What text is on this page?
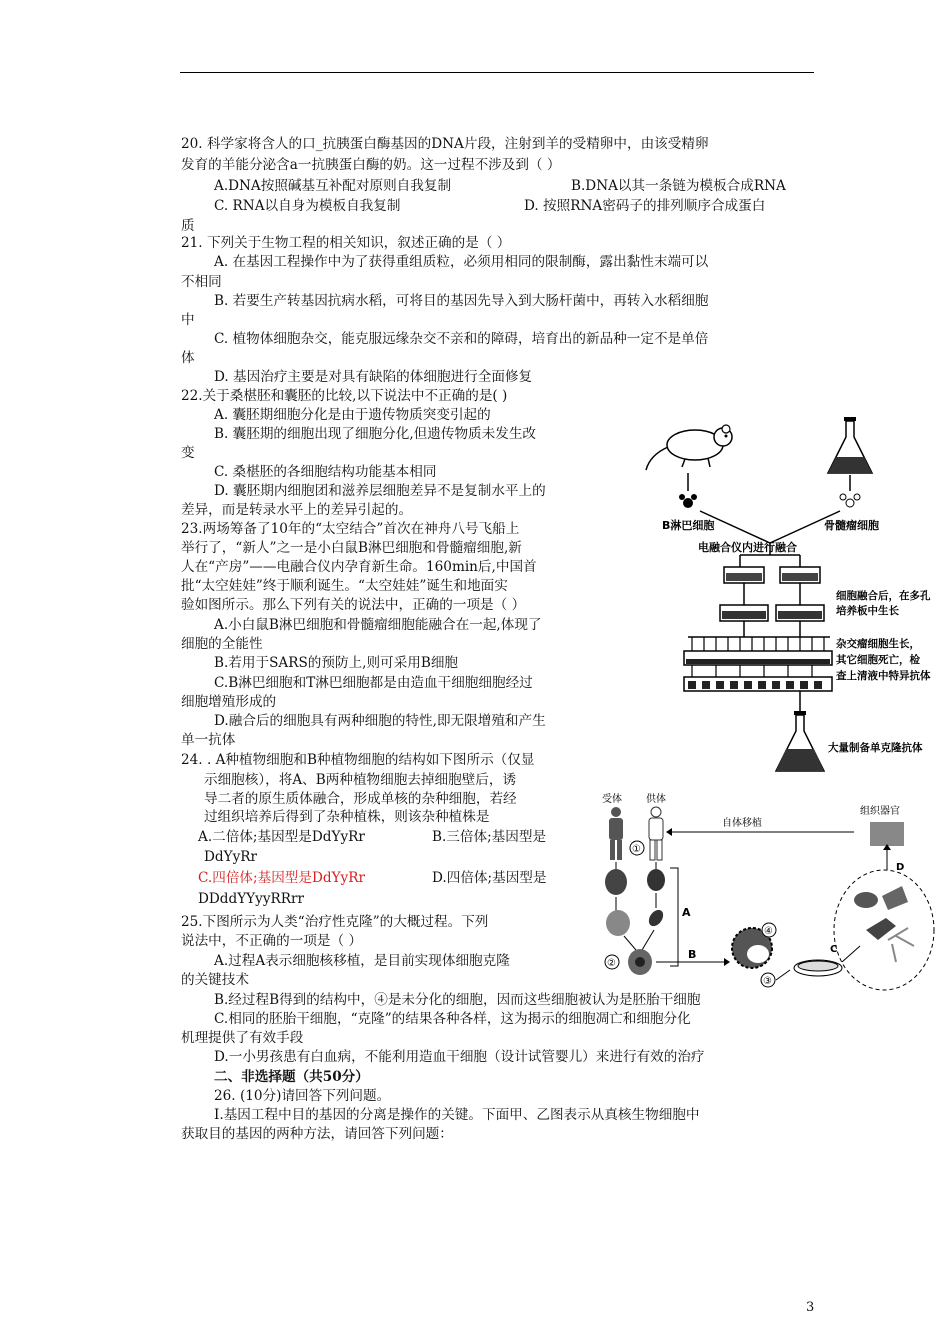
20. 科学家将含人的口_抗胰蛋白酶基因的DNA片段，注射到羊的受精卵中，由该受精卵
发育的羊能分泌含a一抗胰蛋白酶的奶。这一过程不涉及到（ ）
A.DNA按照碱基互补配对原则自我复制	B.DNA以其一条链为模板合成RNA
C. RNA以自身为模板自我复制	D. 按照RNA密码子的排列顺序合成蛋白
质
21. 下列关于生物工程的相关知识，叙述正确的是（ ）
A. 在基因工程操作中为了获得重组质粒，必须用相同的限制酶，露出黏性末端可以
不相同
B. 若要生产转基因抗病水稻，可将目的基因先导入到大肠杆菌中，再转入水稻细胞
中
C. 植物体细胞杂交，能克服远缘杂交不亲和的障碍，培育出的新品种一定不是单倍
体
D. 基因治疗主要是对具有缺陷的体细胞进行全面修复
22.关于桑椹胚和囊胚的比较,以下说法中不正确的是( )
A. 囊胚期细胞分化是由于遗传物质突变引起的
B. 囊胚期的细胞出现了细胞分化,但遗传物质未发生改
变
C. 桑椹胚的各细胞结构功能基本相同
D. 囊胚期内细胞团和滋养层细胞差异不是复制水平上的
差异，而是转录水平上的差异引起的。
23.两场筹备了10年的“太空结合”首次在神舟八号飞船上
举行了，“新人”之一是小白鼠B淋巴细胞和骨髓瘤细胞,新
人在“产房”——电融合仪内孕育新生命。160min后,中国首
批“太空娃娃”终于顺利诞生。“太空娃娃”诞生和地面实
验如图所示。那么下列有关的说法中，正确的一项是（ ）
A.小白鼠B淋巴细胞和骨髓瘤细胞能融合在一起,体现了
细胞的全能性
B.若用于SARS的预防上,则可采用B细胞
C.B淋巴细胞和T淋巴细胞都是由造血干细胞细胞经过
细胞增殖形成的
D.融合后的细胞具有两种细胞的特性,即无限增殖和产生
单一抗体
24. . A种植物细胞和B种植物细胞的结构如下图所示（仅显
示细胞核），将A、B两种植物细胞去掉细胞壁后，诱
导二者的原生质体融合，形成单核的杂种细胞，若经
过组织培养后得到了杂种植株，则该杂种植株是
A.二倍体;基因型是DdYyRr	B.三倍体;基因型是
DdYyRr
C.四倍体;基因型是DdYyRr	D.四倍体;基因型是
DDddYYyyRRrr
25.下图所示为人类“治疗性克隆”的大概过程。下列
说法中，不正确的一项是（ ）
A.过程A表示细胞核移植，是目前实现体细胞克隆
的关键技术
B.经过程B得到的结构中，④是未分化的细胞，因而这些细胞被认为是胚胎干细胞
C.相同的胚胎干细胞，“克隆”的结果各种各样，这为揭示的细胞凋亡和细胞分化
机理提供了有效手段
D.一小男孩患有白血病，不能利用造血干细胞（设计试管婴儿）来进行有效的治疗
二、非选择题（共50分）
26. (10分)请回答下列问题。
Ⅰ.基因工程中目的基因的分离是操作的关键。下面甲、乙图表示从真核生物细胞中
获取目的基因的两种方法，请回答下列问题：
B淋巴细胞	骨髓瘤细胞
电融合仪内进行融合
细胞融合后，在多孔
培养板中生长
杂交瘤细胞生长，
其它细胞死亡，检
查上清液中特异抗体
大量制备单克隆抗体
受体 供体
①
②
A
B
④
③
C
自体移植
组织器官
D
3
